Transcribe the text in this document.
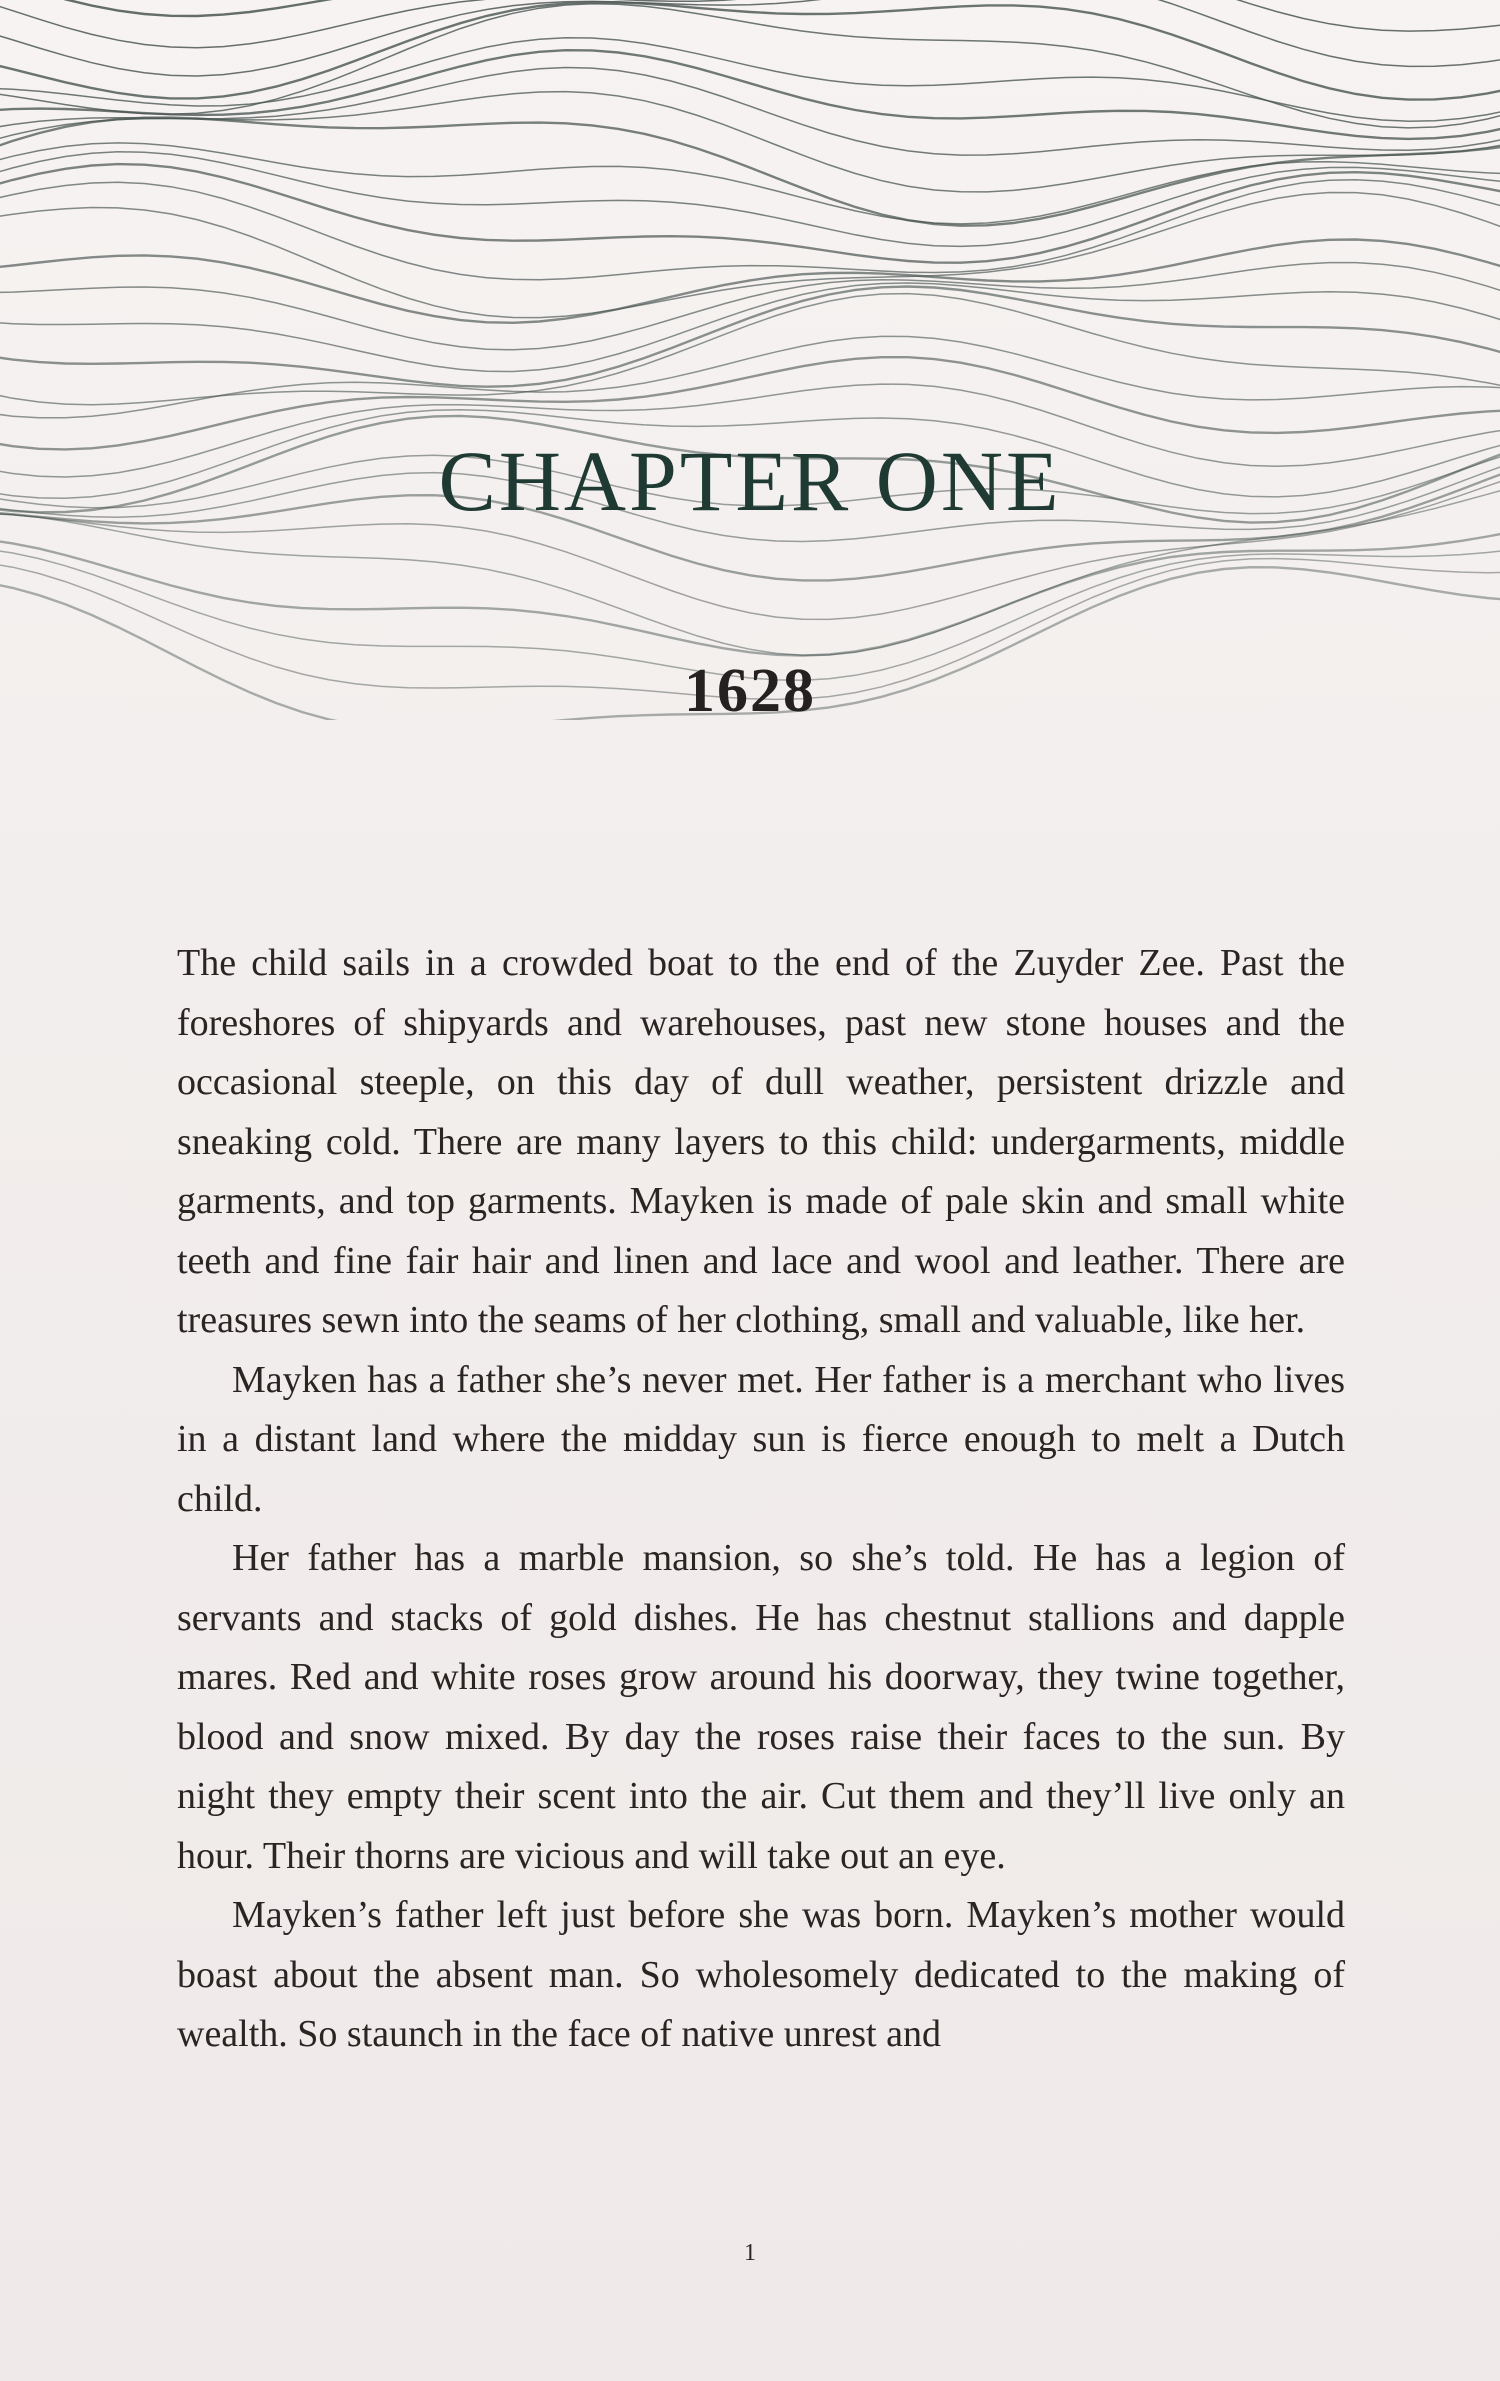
CHAPTER ONE
1628

The child sails in a crowded boat to the end of the Zuyder Zee. Past the foreshores of shipyards and warehouses, past new stone houses and the occasional steeple, on this day of dull weather, persistent drizzle and sneaking cold. There are many layers to this child: undergarments, middle garments, and top garments. Mayken is made of pale skin and small white teeth and fine fair hair and linen and lace and wool and leather. There are treasures sewn into the seams of her clothing, small and valuable, like her.

Mayken has a father she’s never met. Her father is a merchant who lives in a distant land where the midday sun is fierce enough to melt a Dutch child.

Her father has a marble mansion, so she’s told. He has a legion of servants and stacks of gold dishes. He has chestnut stallions and dapple mares. Red and white roses grow around his doorway, they twine together, blood and snow mixed. By day the roses raise their faces to the sun. By night they empty their scent into the air. Cut them and they’ll live only an hour. Their thorns are vicious and will take out an eye.

Mayken’s father left just before she was born. Mayken’s mother would boast about the absent man. So wholesomely dedicated to the making of wealth. So staunch in the face of native unrest and

1
